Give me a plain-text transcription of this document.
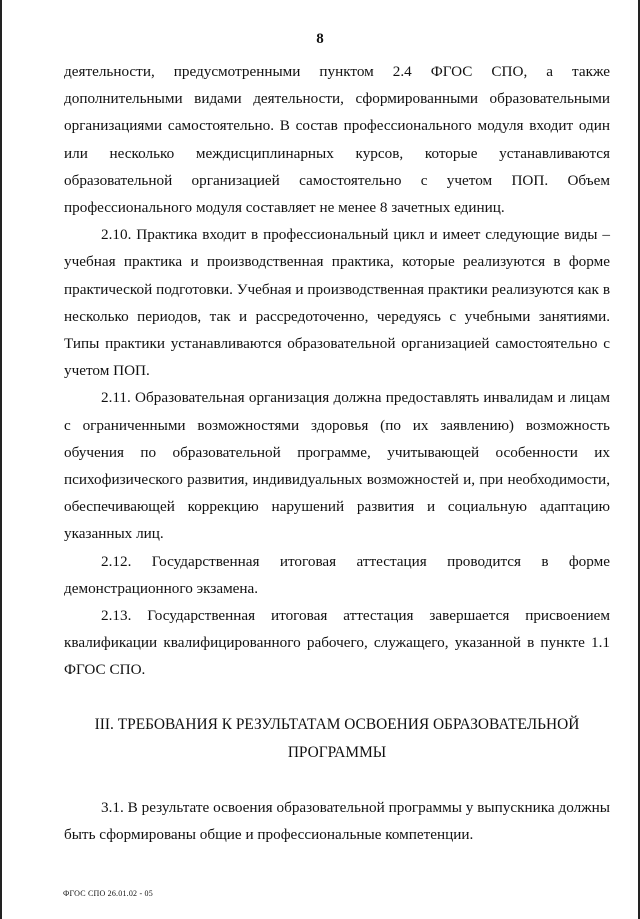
8

деятельности, предусмотренными пунктом 2.4 ФГОС СПО, а также дополнительными видами деятельности, сформированными образовательными организациями самостоятельно. В состав профессионального модуля входит один или несколько междисциплинарных курсов, которые устанавливаются образовательной организацией самостоятельно с учетом ПОП. Объем профессионального модуля составляет не менее 8 зачетных единиц.

2.10. Практика входит в профессиональный цикл и имеет следующие виды – учебная практика и производственная практика, которые реализуются в форме практической подготовки. Учебная и производственная практики реализуются как в несколько периодов, так и рассредоточенно, чередуясь с учебными занятиями. Типы практики устанавливаются образовательной организацией самостоятельно с учетом ПОП.

2.11. Образовательная организация должна предоставлять инвалидам и лицам с ограниченными возможностями здоровья (по их заявлению) возможность обучения по образовательной программе, учитывающей особенности их психофизического развития, индивидуальных возможностей и, при необходимости, обеспечивающей коррекцию нарушений развития и социальную адаптацию указанных лиц.

2.12. Государственная итоговая аттестация проводится в форме демонстрационного экзамена.

2.13. Государственная итоговая аттестация завершается присвоением квалификации квалифицированного рабочего, служащего, указанной в пункте 1.1 ФГОС СПО.

III. ТРЕБОВАНИЯ К РЕЗУЛЬТАТАМ ОСВОЕНИЯ ОБРАЗОВАТЕЛЬНОЙ
ПРОГРАММЫ

3.1. В результате освоения образовательной программы у выпускника должны быть сформированы общие и профессиональные компетенции.

ФГОС СПО 26.01.02 - 05
